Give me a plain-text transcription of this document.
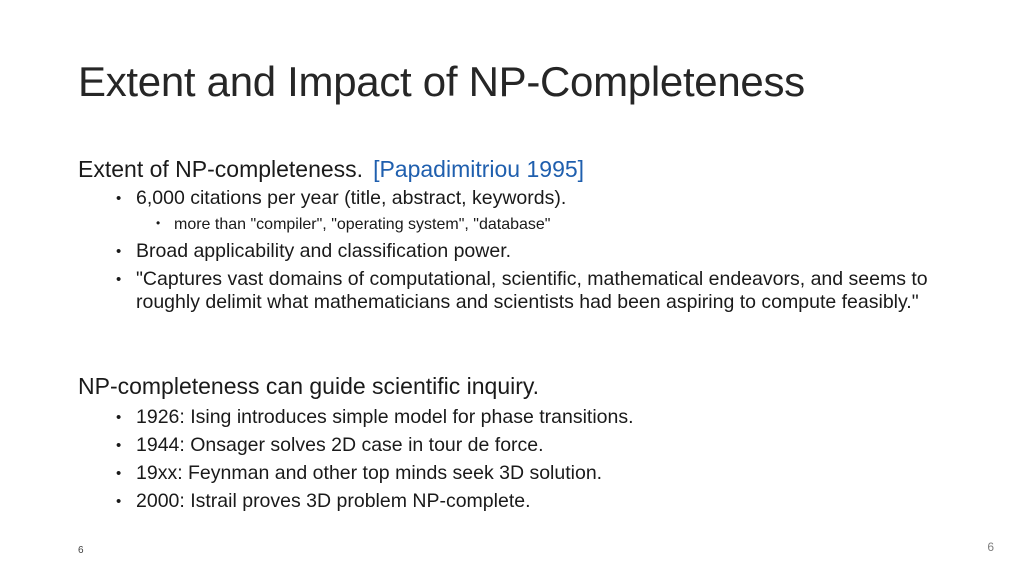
Extent and Impact of NP-Completeness
Extent of NP-completeness. [Papadimitriou 1995]
• 6,000 citations per year (title, abstract, keywords).
• more than "compiler", "operating system", "database"
• Broad applicability and classification power.
• "Captures vast domains of computational, scientific, mathematical endeavors, and seems to roughly delimit what mathematicians and scientists had been aspiring to compute feasibly."
NP-completeness can guide scientific inquiry.
• 1926: Ising introduces simple model for phase transitions.
• 1944: Onsager solves 2D case in tour de force.
• 19xx: Feynman and other top minds seek 3D solution.
• 2000: Istrail proves 3D problem NP-complete.
6	6
